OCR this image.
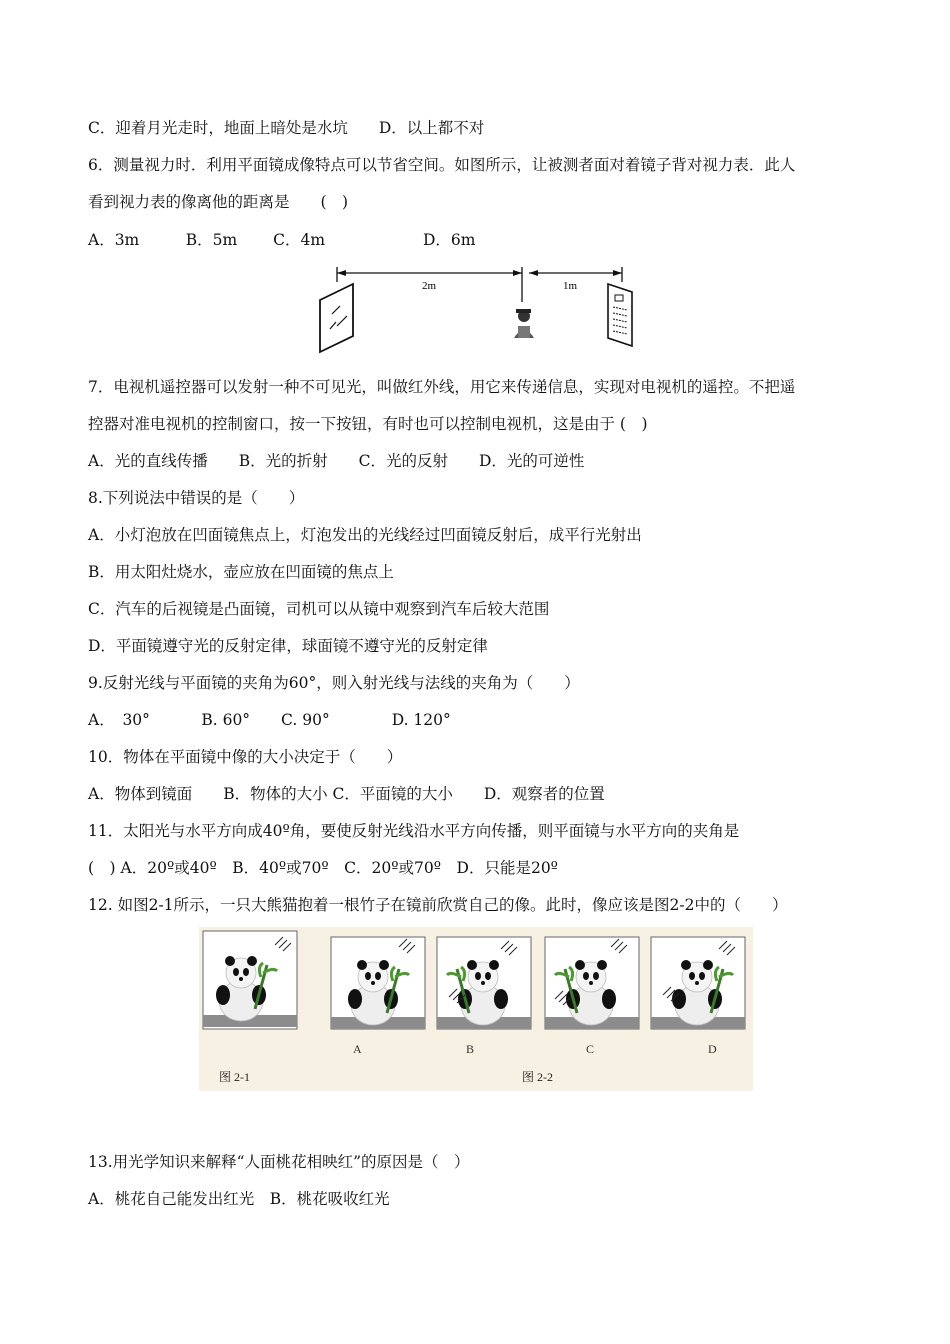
C．迎着月光走时，地面上暗处是水坑　　D．以上都不对
6．测量视力时．利用平面镜成像特点可以节省空间。如图所示，让被测者面对着镜子背对视力表．此人
看到视力表的像离他的距离是　　(　)
A．3m　　　B．5m　　 C．4m　　　　　　 D．6m
2m	1m
7．电视机遥控器可以发射一种不可见光，叫做红外线，用它来传递信息，实现对电视机的遥控。不把遥
控器对准电视机的控制窗口，按一下按钮，有时也可以控制电视机，这是由于 (　)
A．光的直线传播　　B．光的折射　　C．光的反射　　D．光的可逆性
8.下列说法中错误的是（　　）
A．小灯泡放在凹面镜焦点上，灯泡发出的光线经过凹面镜反射后，成平行光射出
B．用太阳灶烧水，壶应放在凹面镜的焦点上
C．汽车的后视镜是凸面镜，司机可以从镜中观察到汽车后较大范围
D．平面镜遵守光的反射定律，球面镜不遵守光的反射定律
9.反射光线与平面镜的夹角为60°，则入射光线与法线的夹角为（　　）
A．　30°　　　 B. 60°　　C. 90°　　　　D. 120°
10．物体在平面镜中像的大小决定于（　　）
A．物体到镜面　　B．物体的大小 C．平面镜的大小　　D．观察者的位置
11．太阳光与水平方向成40º角，要使反射光线沿水平方向传播，则平面镜与水平方向的夹角是
(　) A．20º或40º　B．40º或70º　C．20º或70º　D．只能是20º
12. 如图2-1所示，一只大熊猫抱着一根竹子在镜前欣赏自己的像。此时，像应该是图2-2中的（　　）
A	B	C	D
图 2-1	图 2-2
13.用光学知识来解释“人面桃花相映红”的原因是（　）
A．桃花自己能发出红光　B．桃花吸收红光
